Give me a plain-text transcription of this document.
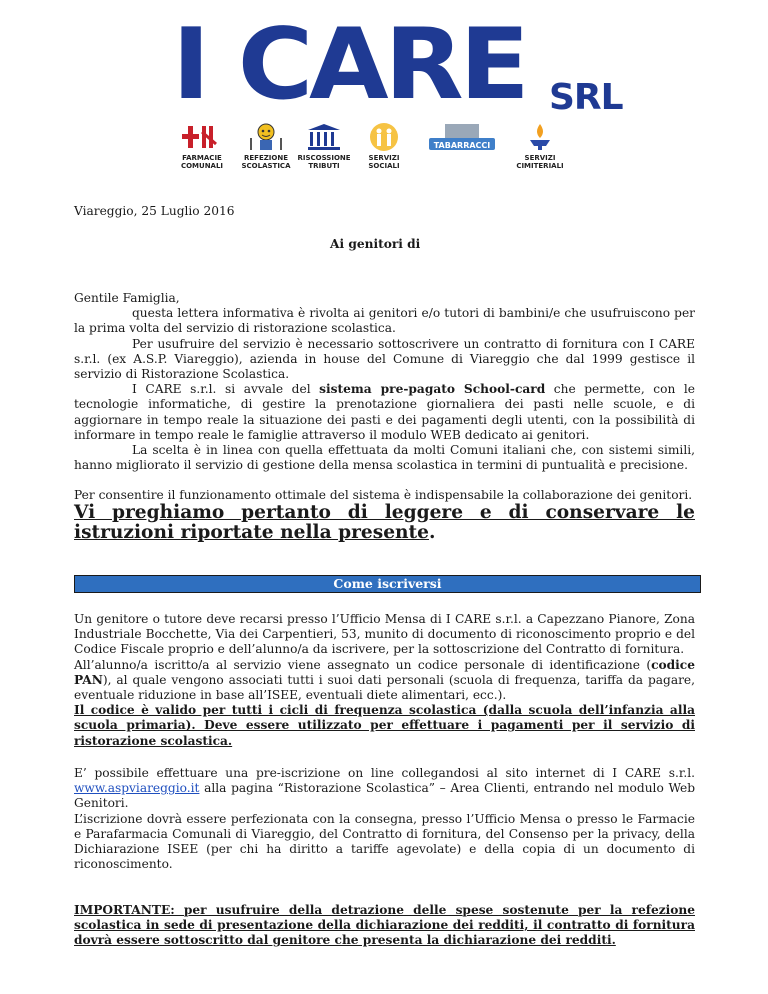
I CARE SRL
FARMACIE COMUNALI
REFEZIONE SCOLASTICA
RISCOSSIONE TRIBUTI
SERVIZI SOCIALI
TABARRACCI
SERVIZI CIMITERIALI
Viareggio, 25 Luglio 2016
Ai genitori di

Gentile Famiglia,

questa lettera informativa è rivolta ai genitori e/o tutori di bambini/e che usufruiscono per la prima volta del servizio di ristorazione scolastica.

Per usufruire del servizio è necessario sottoscrivere un contratto di fornitura con I CARE s.r.l. (ex A.S.P. Viareggio), azienda in house del Comune di Viareggio che dal 1999 gestisce il servizio di Ristorazione Scolastica.

I CARE s.r.l. si avvale del sistema pre-pagato School-card che permette, con le tecnologie informatiche, di gestire la prenotazione giornaliera dei pasti nelle scuole, e di aggiornare in tempo reale la situazione dei pasti e dei pagamenti degli utenti, con la possibilità di informare in tempo reale le famiglie attraverso il modulo WEB dedicato ai genitori.

La scelta è in linea con quella effettuata da molti Comuni italiani che, con sistemi simili, hanno migliorato il servizio di gestione della mensa scolastica in termini di puntualità e precisione.

Per consentire il funzionamento ottimale del sistema è indispensabile la collaborazione dei genitori.
Vi preghiamo pertanto di leggere e di conservare le istruzioni riportate nella presente.
Come iscriversi

Un genitore o tutore deve recarsi presso l’Ufficio Mensa di I CARE s.r.l. a Capezzano Pianore, Zona Industriale Bocchette, Via dei Carpentieri, 53, munito di documento di riconoscimento proprio e del Codice Fiscale proprio e dell’alunno/a da iscrivere, per la sottoscrizione del Contratto di fornitura.

All’alunno/a iscritto/a al servizio viene assegnato un codice personale di identificazione (codice PAN), al quale vengono associati tutti i suoi dati personali (scuola di frequenza, tariffa da pagare, eventuale riduzione in base all’ISEE, eventuali diete alimentari, ecc.).

Il codice è valido per tutti i cicli di frequenza scolastica (dalla scuola dell’infanzia alla scuola primaria). Deve essere utilizzato per effettuare i pagamenti per il servizio di ristorazione scolastica.

E’ possibile effettuare una pre-iscrizione on line collegandosi al sito internet di I CARE s.r.l. www.aspviareggio.it alla pagina “Ristorazione Scolastica” – Area Clienti, entrando nel modulo Web Genitori.

L’iscrizione dovrà essere perfezionata con la consegna, presso l’Ufficio Mensa o presso le Farmacie e Parafarmacia Comunali di Viareggio, del Contratto di fornitura, del Consenso per la privacy, della Dichiarazione ISEE (per chi ha diritto a tariffe agevolate) e della copia di un documento di riconoscimento.

IMPORTANTE: per usufruire della detrazione delle spese sostenute per la refezione scolastica in sede di presentazione della dichiarazione dei redditi, il contratto di fornitura dovrà essere sottoscritto dal genitore che presenta la dichiarazione dei redditi.
